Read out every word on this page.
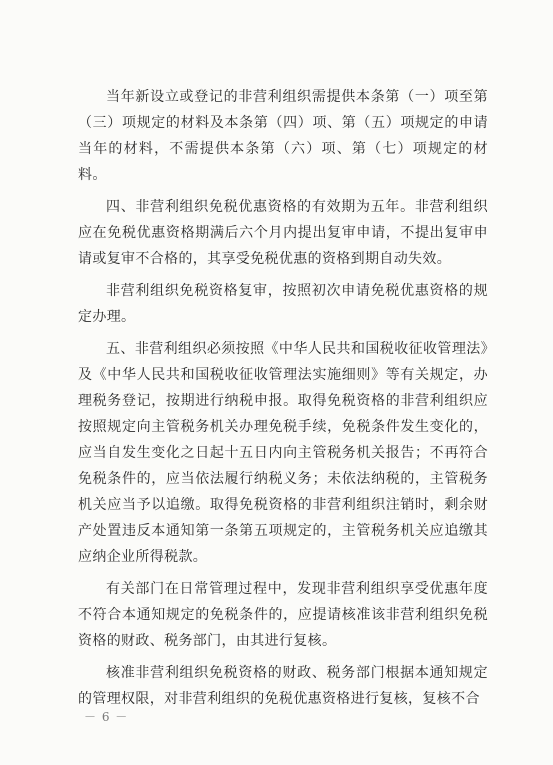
当年新设立或登记的非营利组织需提供本条第（一）项至第（三）项规定的材料及本条第（四）项、第（五）项规定的申请当年的材料，不需提供本条第（六）项、第（七）项规定的材料。

四、非营利组织免税优惠资格的有效期为五年。非营利组织应在免税优惠资格期满后六个月内提出复审申请，不提出复审申请或复审不合格的，其享受免税优惠的资格到期自动失效。

非营利组织免税资格复审，按照初次申请免税优惠资格的规定办理。

五、非营利组织必须按照《中华人民共和国税收征收管理法》及《中华人民共和国税收征收管理法实施细则》等有关规定，办理税务登记，按期进行纳税申报。取得免税资格的非营利组织应按照规定向主管税务机关办理免税手续，免税条件发生变化的，应当自发生变化之日起十五日内向主管税务机关报告；不再符合免税条件的，应当依法履行纳税义务；未依法纳税的，主管税务机关应当予以追缴。取得免税资格的非营利组织注销时，剩余财产处置违反本通知第一条第五项规定的，主管税务机关应追缴其应纳企业所得税款。

有关部门在日常管理过程中，发现非营利组织享受优惠年度不符合本通知规定的免税条件的，应提请核准该非营利组织免税资格的财政、税务部门，由其进行复核。

核准非营利组织免税资格的财政、税务部门根据本通知规定的管理权限，对非营利组织的免税优惠资格进行复核，复核不合

－ 6 －
